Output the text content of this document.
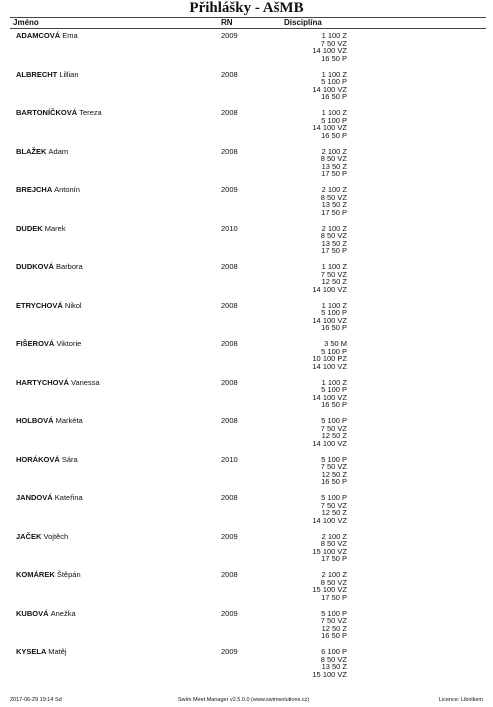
Přihlášky - AšMB
Jméno	RN	Disciplína
ADAMCOVÁ Ema	2009	1 100 Z
7 50 VZ
14 100 VZ
16 50 P
ALBRECHT Lillian	2008	1 100 Z
5 100 P
14 100 VZ
16 50 P
BARTONÍČKOVÁ Tereza	2008	1 100 Z
5 100 P
14 100 VZ
16 50 P
BLAŽEK Adam	2008	2 100 Z
8 50 VZ
13 50 Z
17 50 P
BREJCHA Antonín	2009	2 100 Z
8 50 VZ
13 50 Z
17 50 P
DUDEK Marek	2010	2 100 Z
8 50 VZ
13 50 Z
17 50 P
DUDKOVÁ Barbora	2008	1 100 Z
7 50 VZ
12 50 Z
14 100 VZ
ETRYCHOVÁ Nikol	2008	1 100 Z
5 100 P
14 100 VZ
16 50 P
FIŠEROVÁ Viktorie	2008	3 50 M
5 100 P
10 100 PZ
14 100 VZ
HARTYCHOVÁ Vanessa	2008	1 100 Z
5 100 P
14 100 VZ
16 50 P
HOLBOVÁ Markéta	2008	5 100 P
7 50 VZ
12 50 Z
14 100 VZ
HORÁKOVÁ Sára	2010	5 100 P
7 50 VZ
12 50 Z
16 50 P
JANDOVÁ Kateřina	2008	5 100 P
7 50 VZ
12 50 Z
14 100 VZ
JAČEK Vojtěch	2009	2 100 Z
8 50 VZ
15 100 VZ
17 50 P
KOMÁREK Štěpán	2008	2 100 Z
8 50 VZ
15 100 VZ
17 50 P
KUBOVÁ Anežka	2009	5 100 P
7 50 VZ
12 50 Z
16 50 P
KYSELA Matěj	2009	6 100 P
8 50 VZ
13 50 Z
15 100 VZ
2017-06-29 19:14 Sd	Swim Meet Manager v2.5.0.0 (www.swimsolutions.cz)	Licence: Libolkem
